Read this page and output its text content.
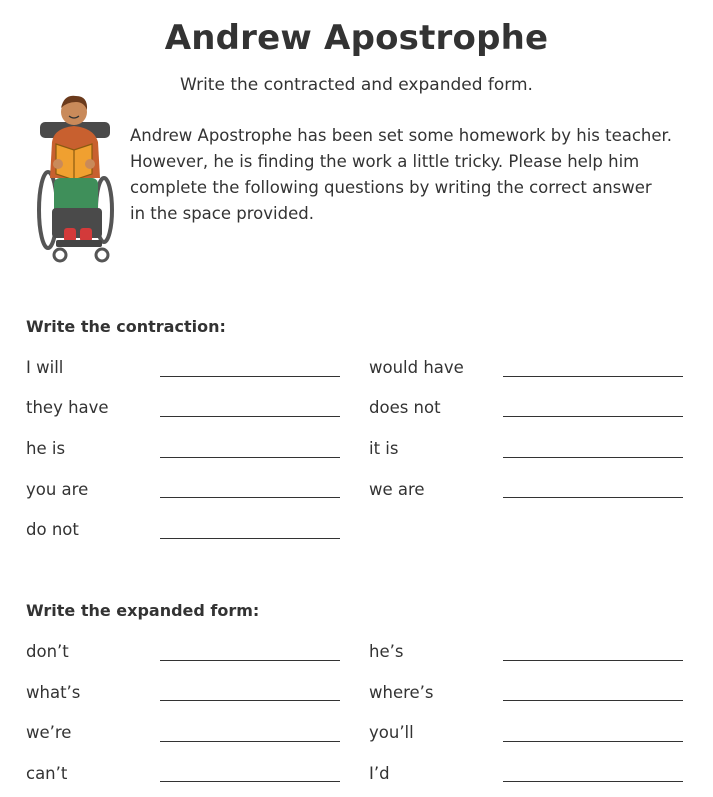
Andrew Apostrophe
Write the contracted and expanded form.
Andrew Apostrophe has been set some homework by his teacher.
However, he is finding the work a little tricky. Please help him
complete the following questions by writing the correct answer
in the space provided.
Write the contraction:
I will	would have
they have	does not
he is	it is
you are	we are
do not
Write the expanded form:
don’t	he’s
what’s	where’s
we’re	you’ll
can’t	I’d
